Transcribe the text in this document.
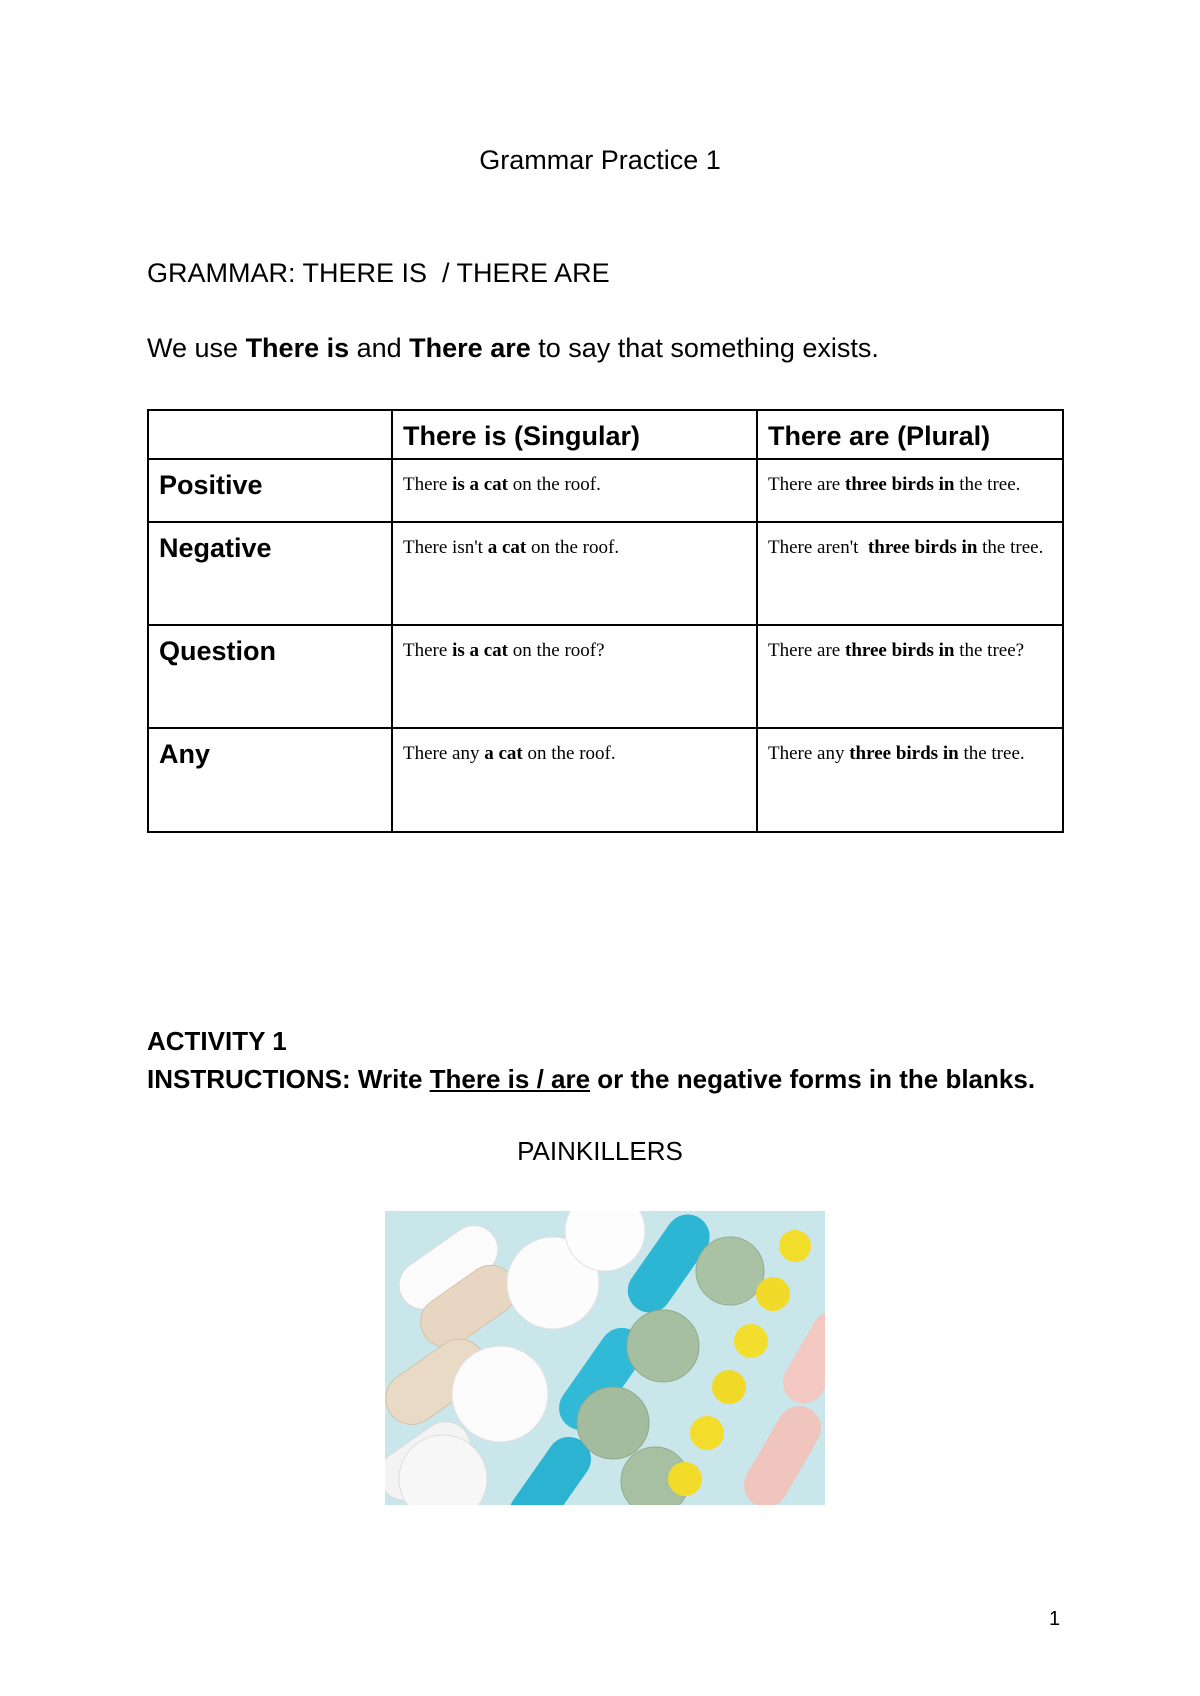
Grammar Practice 1
GRAMMAR: THERE IS  / THERE ARE
We use There is and There are to say that something exists.
	There is (Singular)	There are (Plural)
Positive	There is a cat on the roof.	There are three birds in the tree.
Negative	There isn't a cat on the roof.	There aren't  three birds in the tree.
Question	There is a cat on the roof?	There are three birds in the tree?
Any	There any a cat on the roof.	There any three birds in the tree.
ACTIVITY 1
INSTRUCTIONS: Write There is / are or the negative forms in the blanks.
PAINKILLERS
1
